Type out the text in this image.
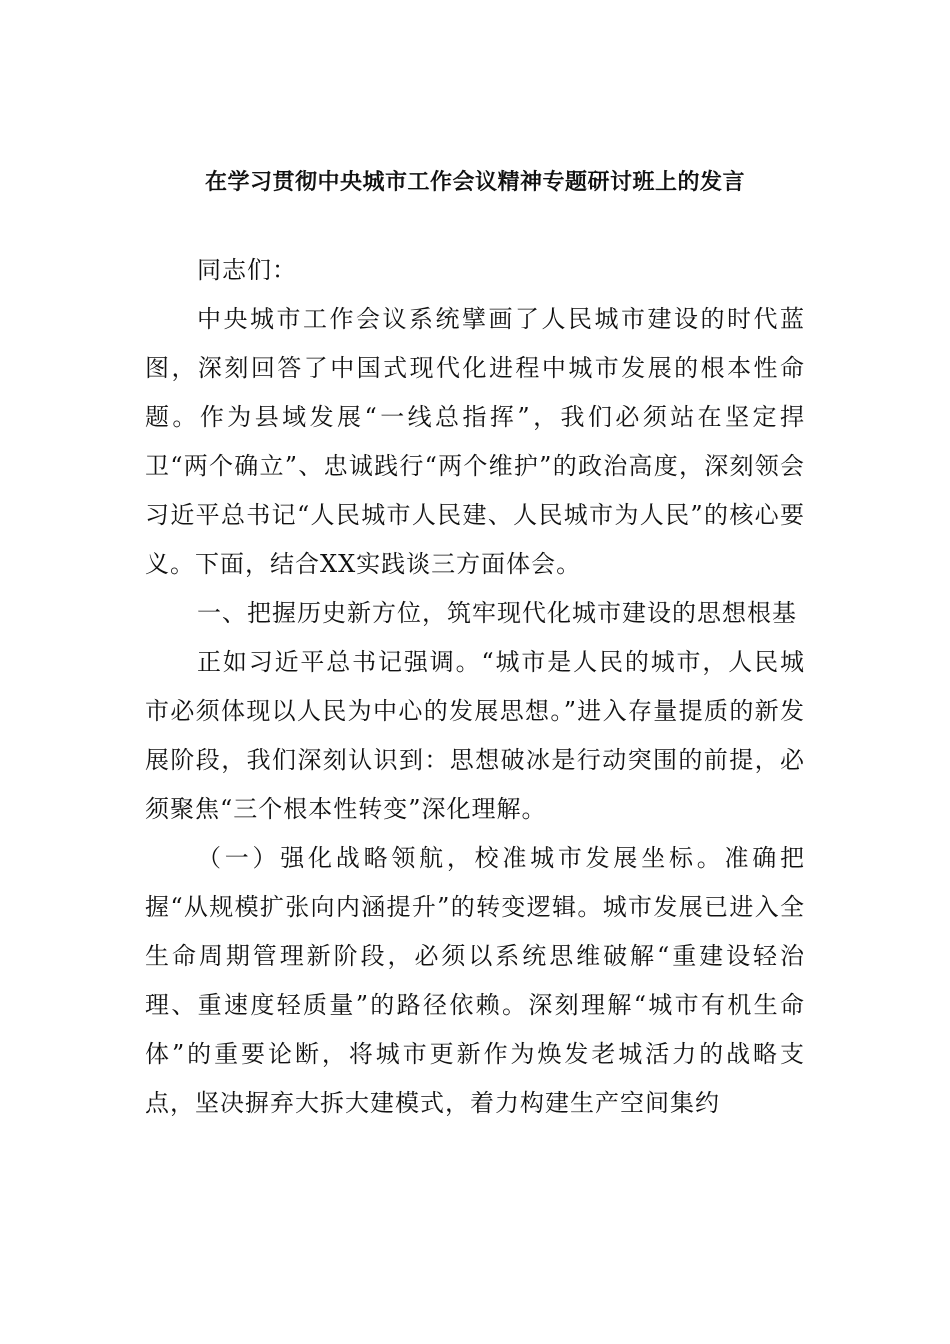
在学习贯彻中央城市工作会议精神专题研讨班上的发言

同志们：

中央城市工作会议系统擘画了人民城市建设的时代蓝图，深刻回答了中国式现代化进程中城市发展的根本性命题。作为县域发展“一线总指挥”，我们必须站在坚定捍卫“两个确立”、忠诚践行“两个维护”的政治高度，深刻领会习近平总书记“人民城市人民建、人民城市为人民”的核心要义。下面，结合XX实践谈三方面体会。

一、把握历史新方位，筑牢现代化城市建设的思想根基

正如习近平总书记强调。“城市是人民的城市，人民城市必须体现以人民为中心的发展思想。”进入存量提质的新发展阶段，我们深刻认识到：思想破冰是行动突围的前提，必须聚焦“三个根本性转变”深化理解。

（一）强化战略领航，校准城市发展坐标。准确把握“从规模扩张向内涵提升”的转变逻辑。城市发展已进入全生命周期管理新阶段，必须以系统思维破解“重建设轻治理、重速度轻质量”的路径依赖。深刻理解“城市有机生命体”的重要论断，将城市更新作为焕发老城活力的战略支点，坚决摒弃大拆大建模式，着力构建生产空间集约
